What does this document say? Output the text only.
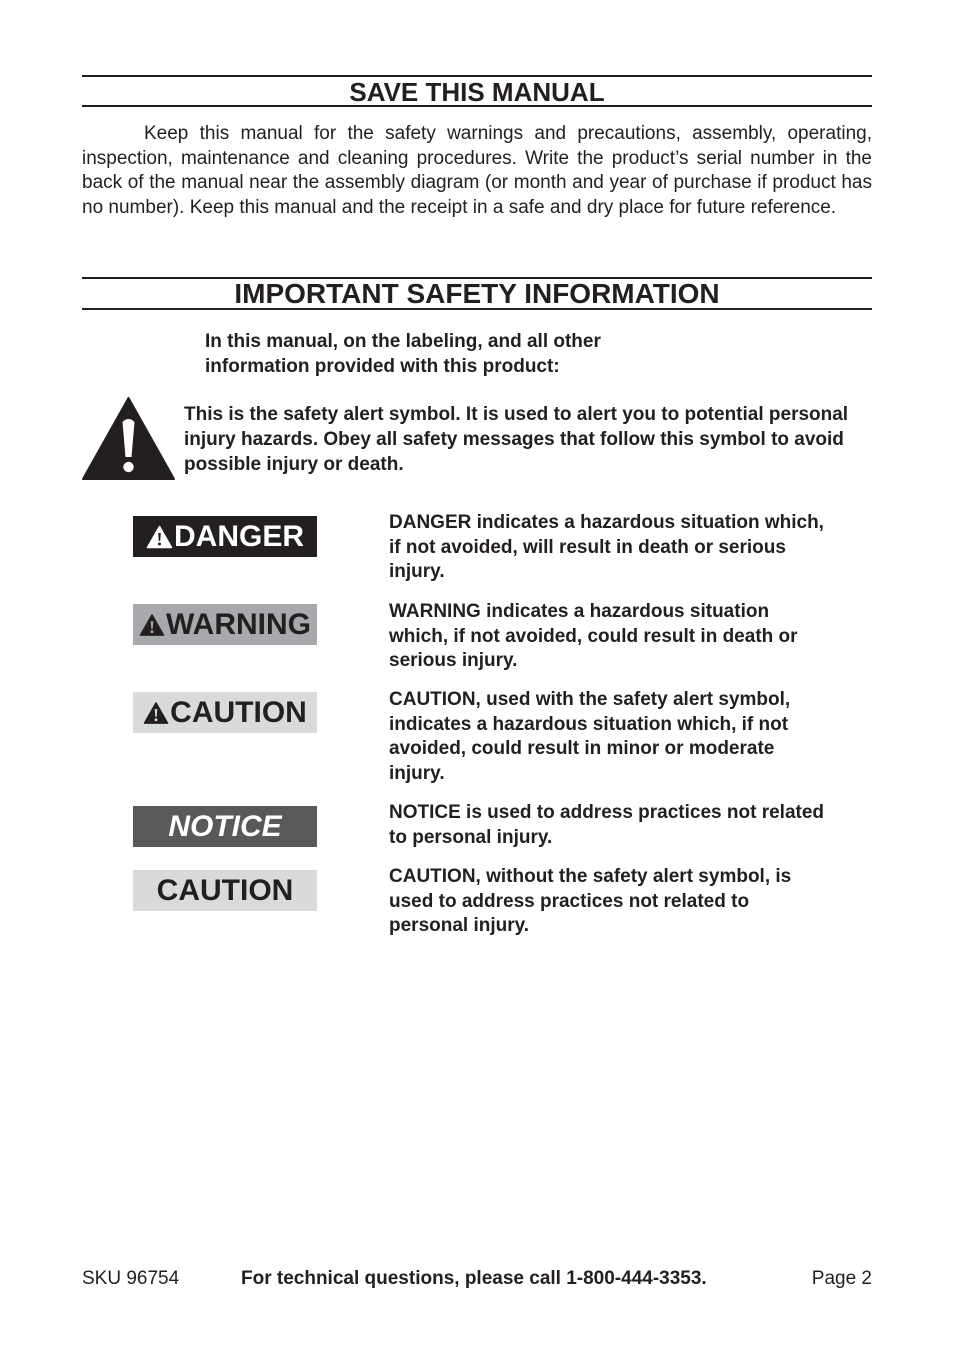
SAVE THIS MANUAL

Keep this manual for the safety warnings and precautions, assembly, operating, inspection, maintenance and cleaning procedures. Write the product’s serial number in the back of the manual near the assembly diagram (or month and year of purchase if product has no number). Keep this manual and the receipt in a safe and dry place for future reference.

IMPORTANT SAFETY INFORMATION

In this manual, on the labeling, and all other information provided with this product:

This is the safety alert symbol. It is used to alert you to potential personal injury hazards. Obey all safety messages that follow this symbol to avoid possible injury or death.

DANGER	DANGER indicates a hazardous situation which, if not avoided, will result in death or serious injury.

WARNING	WARNING indicates a hazardous situation which, if not avoided, could result in death or serious injury.

CAUTION	CAUTION, used with the safety alert symbol, indicates a hazardous situation which, if not avoided, could result in minor or moderate injury.

NOTICE	NOTICE is used to address practices not related to personal injury.

CAUTION	CAUTION, without the safety alert symbol, is used to address practices not related to personal injury.

SKU 96754	For technical questions, please call 1-800-444-3353.	Page 2
